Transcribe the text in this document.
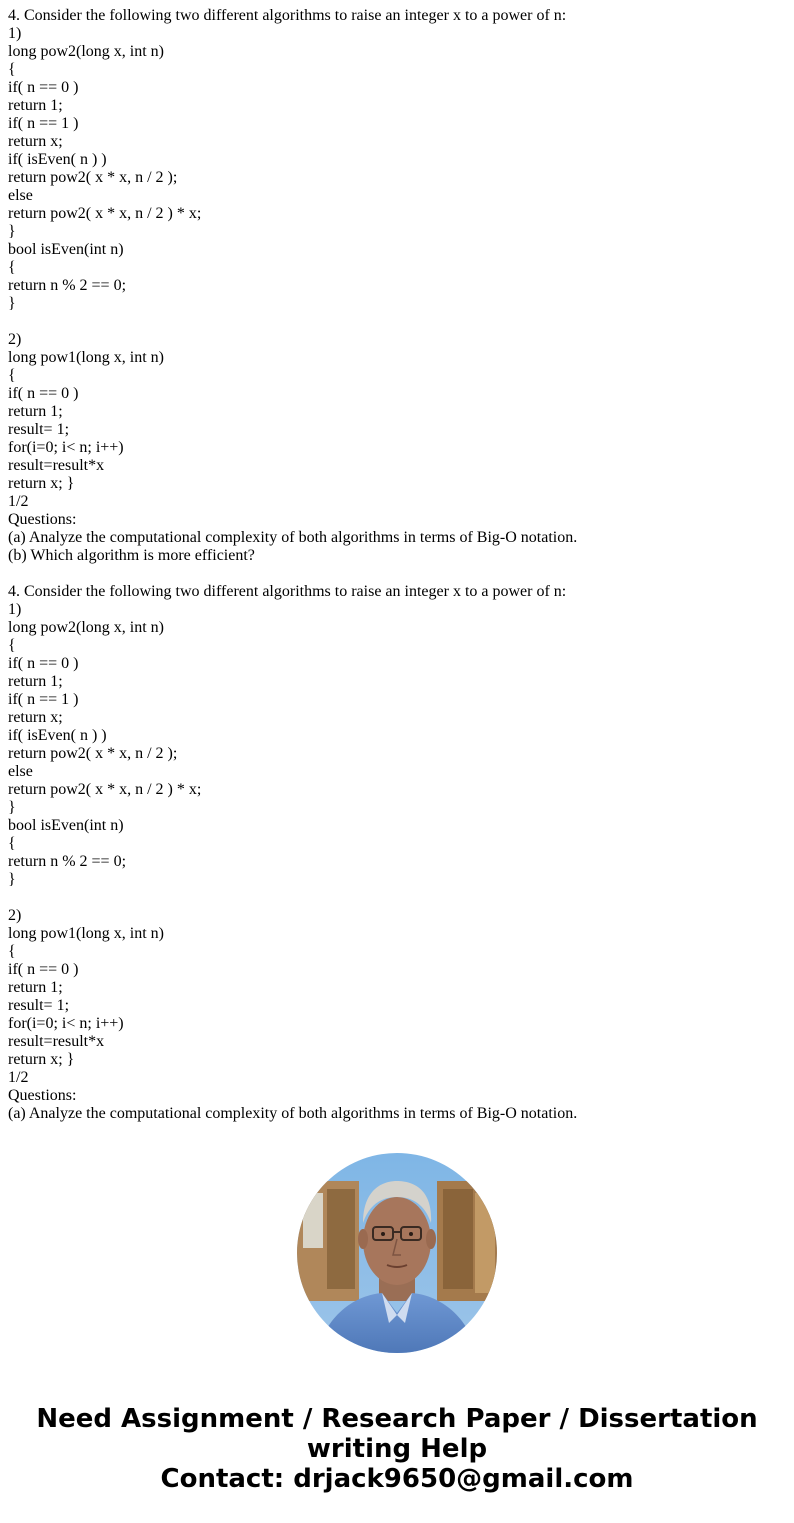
4. Consider the following two different algorithms to raise an integer x to a power of n:
1)
long pow2(long x, int n)
{
if( n == 0 )
return 1;
if( n == 1 )
return x;
if( isEven( n ) )
return pow2( x * x, n / 2 );
else
return pow2( x * x, n / 2 ) * x;
}
bool isEven(int n)
{
return n % 2 == 0;
}
2)
long pow1(long x, int n)
{
if( n == 0 )
return 1;
result= 1;
for(i=0; i< n; i++)
result=result*x
return x; }
1/2
Questions:
(a) Analyze the computational complexity of both algorithms in terms of Big-O notation.
(b) Which algorithm is more efficient?
4. Consider the following two different algorithms to raise an integer x to a power of n:
1)
long pow2(long x, int n)
{
if( n == 0 )
return 1;
if( n == 1 )
return x;
if( isEven( n ) )
return pow2( x * x, n / 2 );
else
return pow2( x * x, n / 2 ) * x;
}
bool isEven(int n)
{
return n % 2 == 0;
}
2)
long pow1(long x, int n)
{
if( n == 0 )
return 1;
result= 1;
for(i=0; i< n; i++)
result=result*x
return x; }
1/2
Questions:
(a) Analyze the computational complexity of both algorithms in terms of Big-O notation.
Need Assignment / Research Paper / Dissertation
writing Help
Contact: drjack9650@gmail.com
